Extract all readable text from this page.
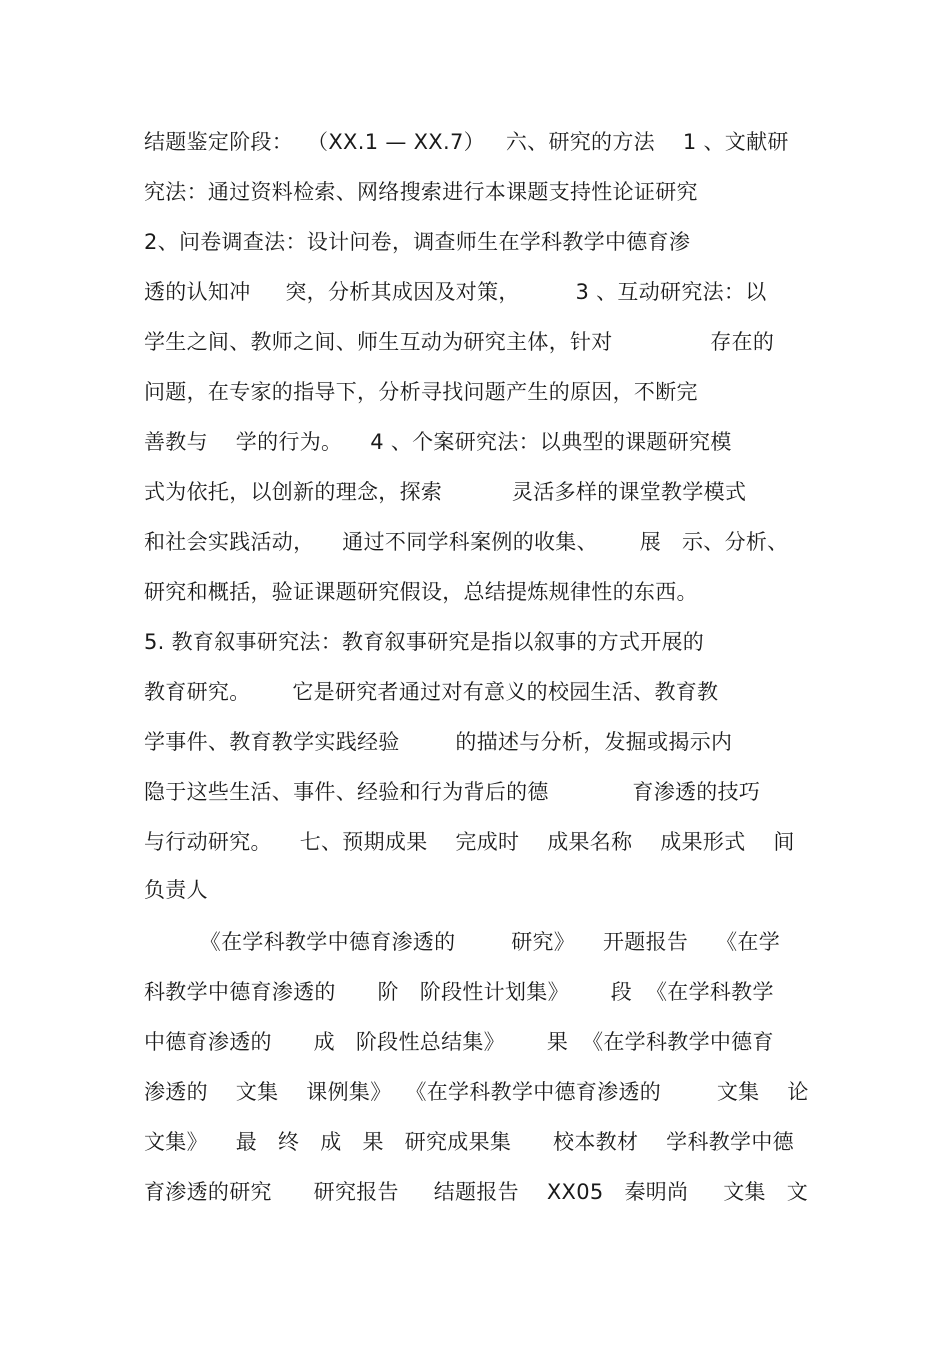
结题鉴定阶段：  （XX.1 — XX.7）   六、研究的方法    1 、文献研
究法：通过资料检索、网络搜索进行本课题支持性论证研究
2、问卷调查法：设计问卷，调查师生在学科教学中德育渗
透的认知冲     突，分析其成因及对策，        3 、互动研究法：以
学生之间、教师之间、师生互动为研究主体，针对              存在的
问题，在专家的指导下，分析寻找问题产生的原因，不断完
善教与    学的行为。    4 、个案研究法：以典型的课题研究模
式为依托，以创新的理念，探索          灵活多样的课堂教学模式
和社会实践活动，    通过不同学科案例的收集、      展   示、分析、
研究和概括，验证课题研究假设，总结提炼规律性的东西。
5. 教育叙事研究法：教育叙事研究是指以叙事的方式开展的
教育研究。      它是研究者通过对有意义的校园生活、教育教
学事件、教育教学实践经验        的描述与分析，发掘或揭示内
隐于这些生活、事件、经验和行为背后的德            育渗透的技巧
与行动研究。    七、预期成果    完成时    成果名称    成果形式    间
负责人
《在学科教学中德育渗透的        研究》    开题报告    《在学
科教学中德育渗透的      阶   阶段性计划集》      段  《在学科教学
中德育渗透的      成   阶段性总结集》      果  《在学科教学中德育
渗透的    文集    课例集》  《在学科教学中德育渗透的        文集    论
文集》    最   终   成   果   研究成果集      校本教材    学科教学中德
育渗透的研究      研究报告     结题报告    XX05   秦明尚     文集   文
